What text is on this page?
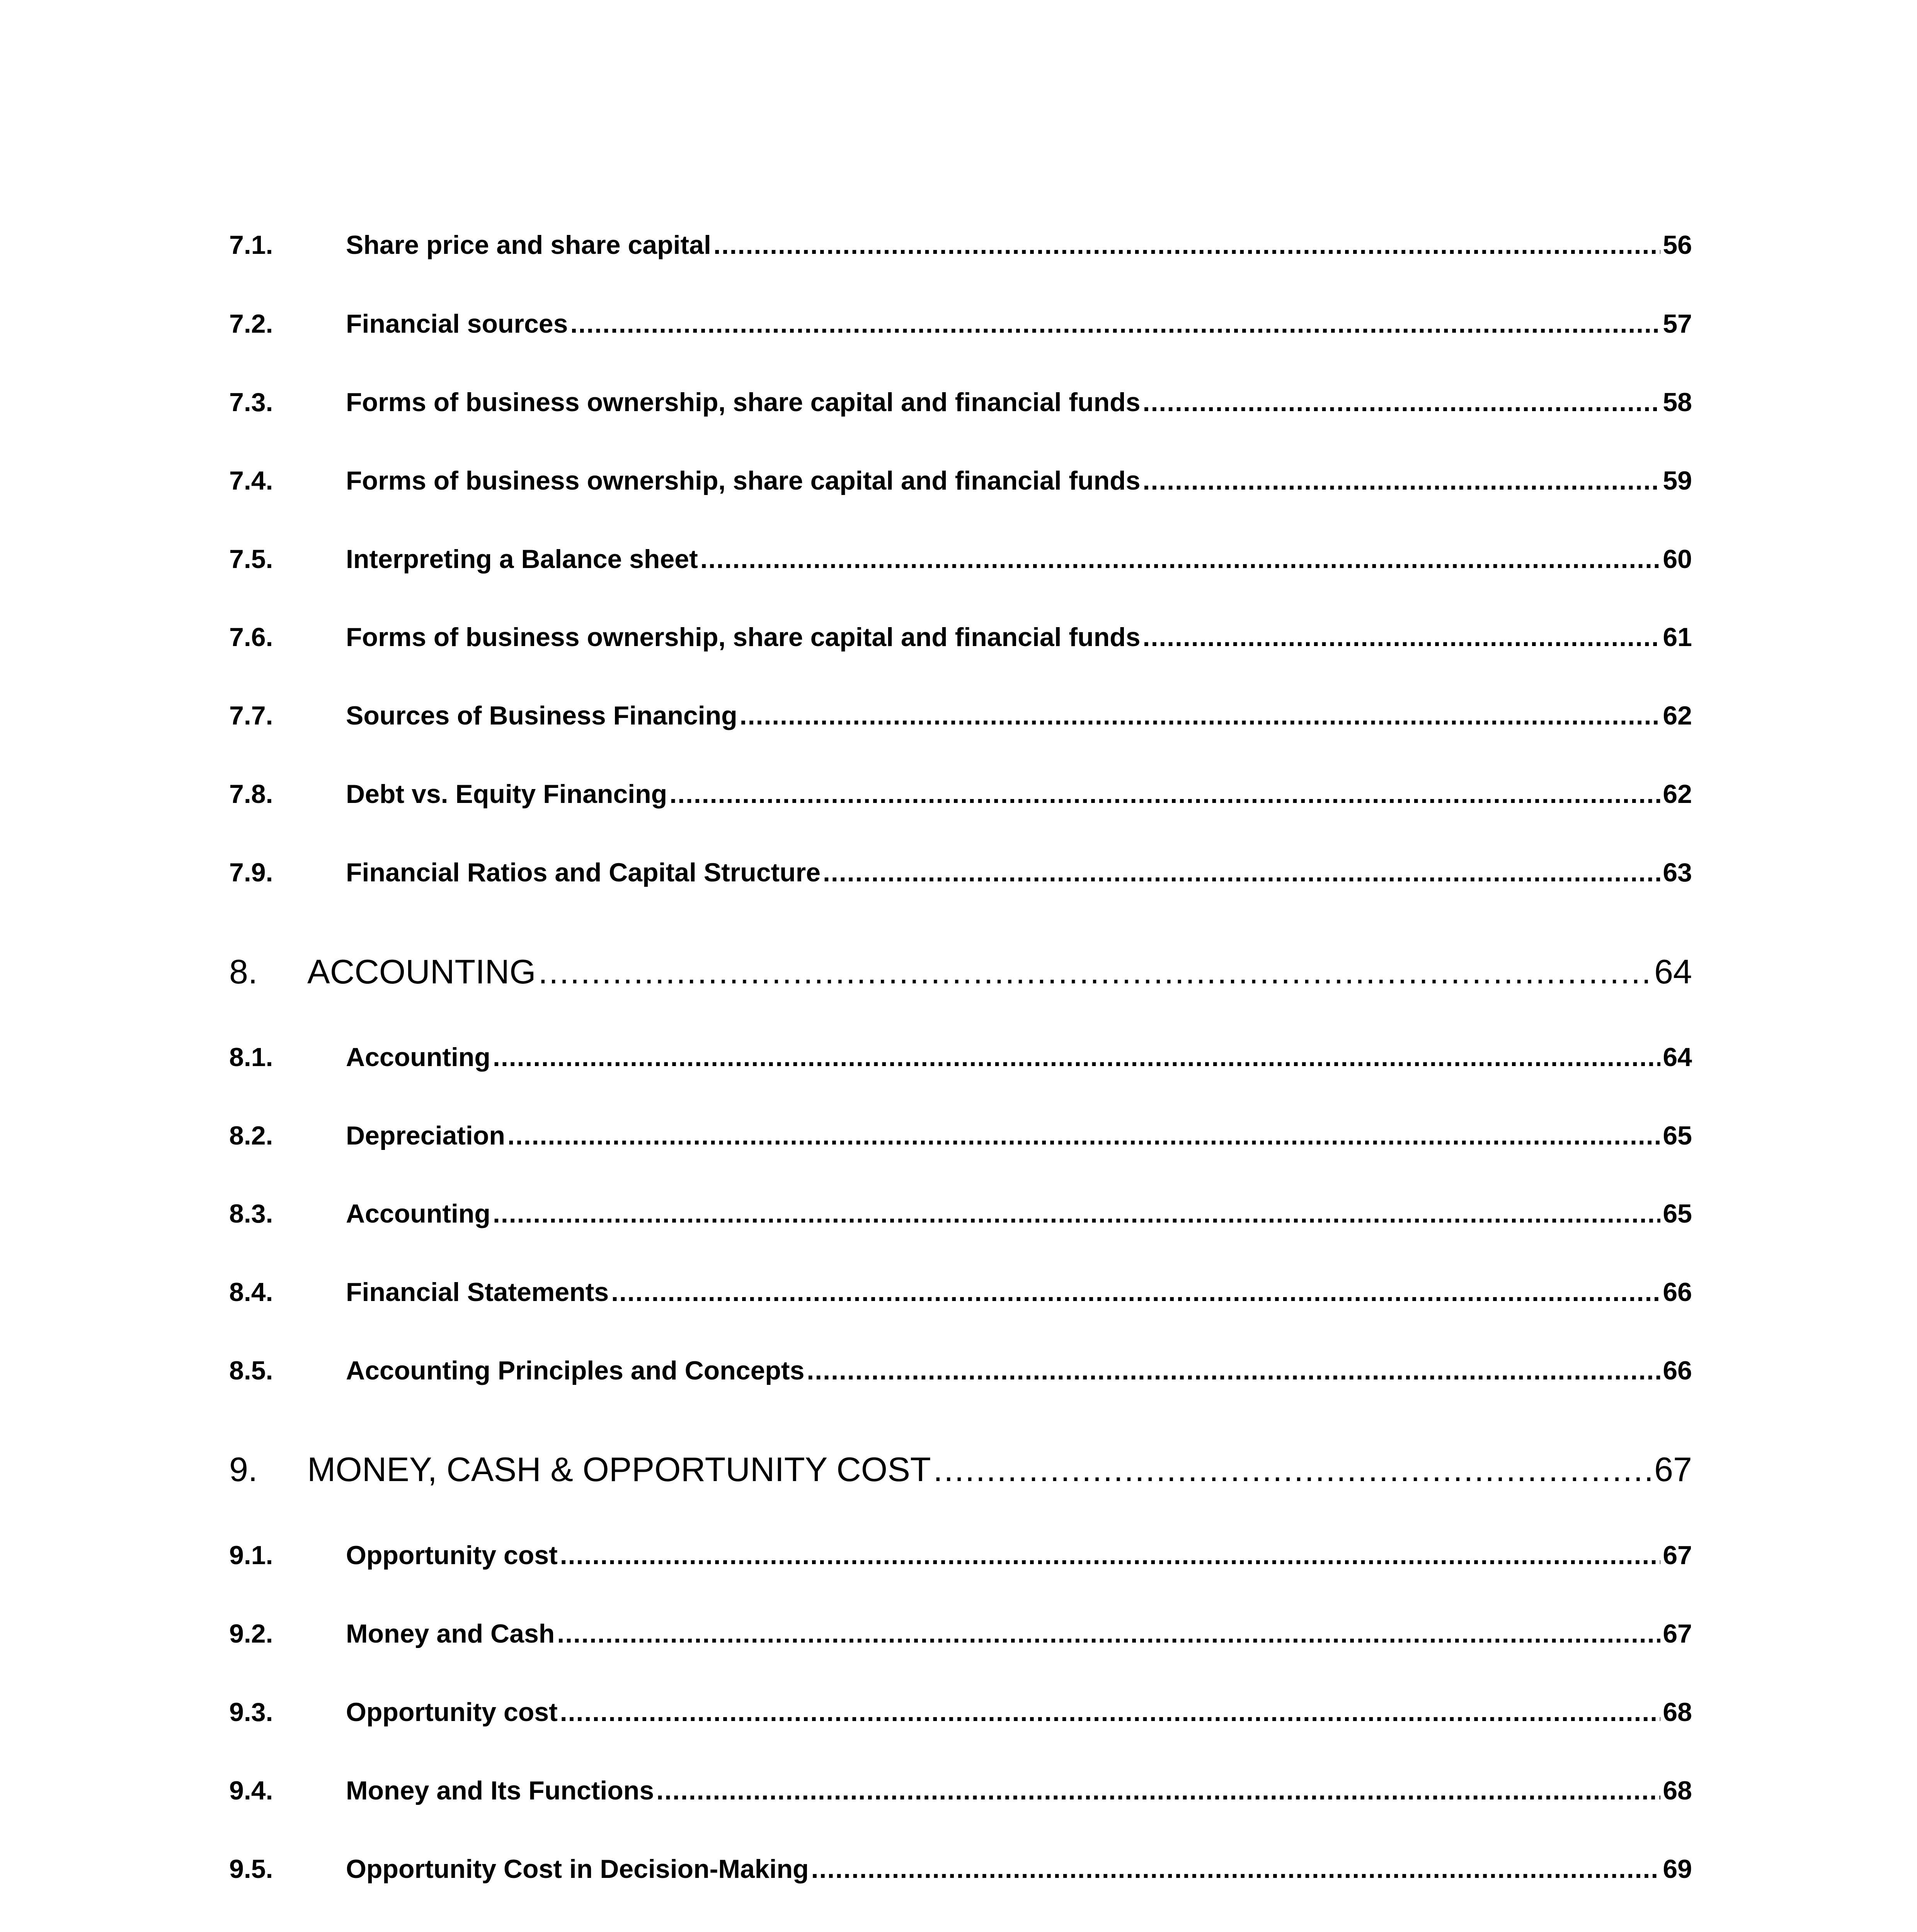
7.1.	Share price and share capital .....	56
7.2.	Financial sources .....	57
7.3.	Forms of business ownership, share capital and financial funds .....	58
7.4.	Forms of business ownership, share capital and financial funds .....	59
7.5.	Interpreting a Balance sheet .....	60
7.6.	Forms of business ownership, share capital and financial funds .....	61
7.7.	Sources of Business Financing .....	62
7.8.	Debt vs. Equity Financing .....	62
7.9.	Financial Ratios and Capital Structure .....	63
8. ACCOUNTING .....	64
8.1.	Accounting .....	64
8.2.	Depreciation .....	65
8.3.	Accounting .....	65
8.4.	Financial Statements .....	66
8.5.	Accounting Principles and Concepts .....	66
9. MONEY, CASH & OPPORTUNITY COST .....	67
9.1.	Opportunity cost .....	67
9.2.	Money and Cash .....	67
9.3.	Opportunity cost .....	68
9.4.	Money and Its Functions .....	68
9.5.	Opportunity Cost in Decision-Making .....	69
